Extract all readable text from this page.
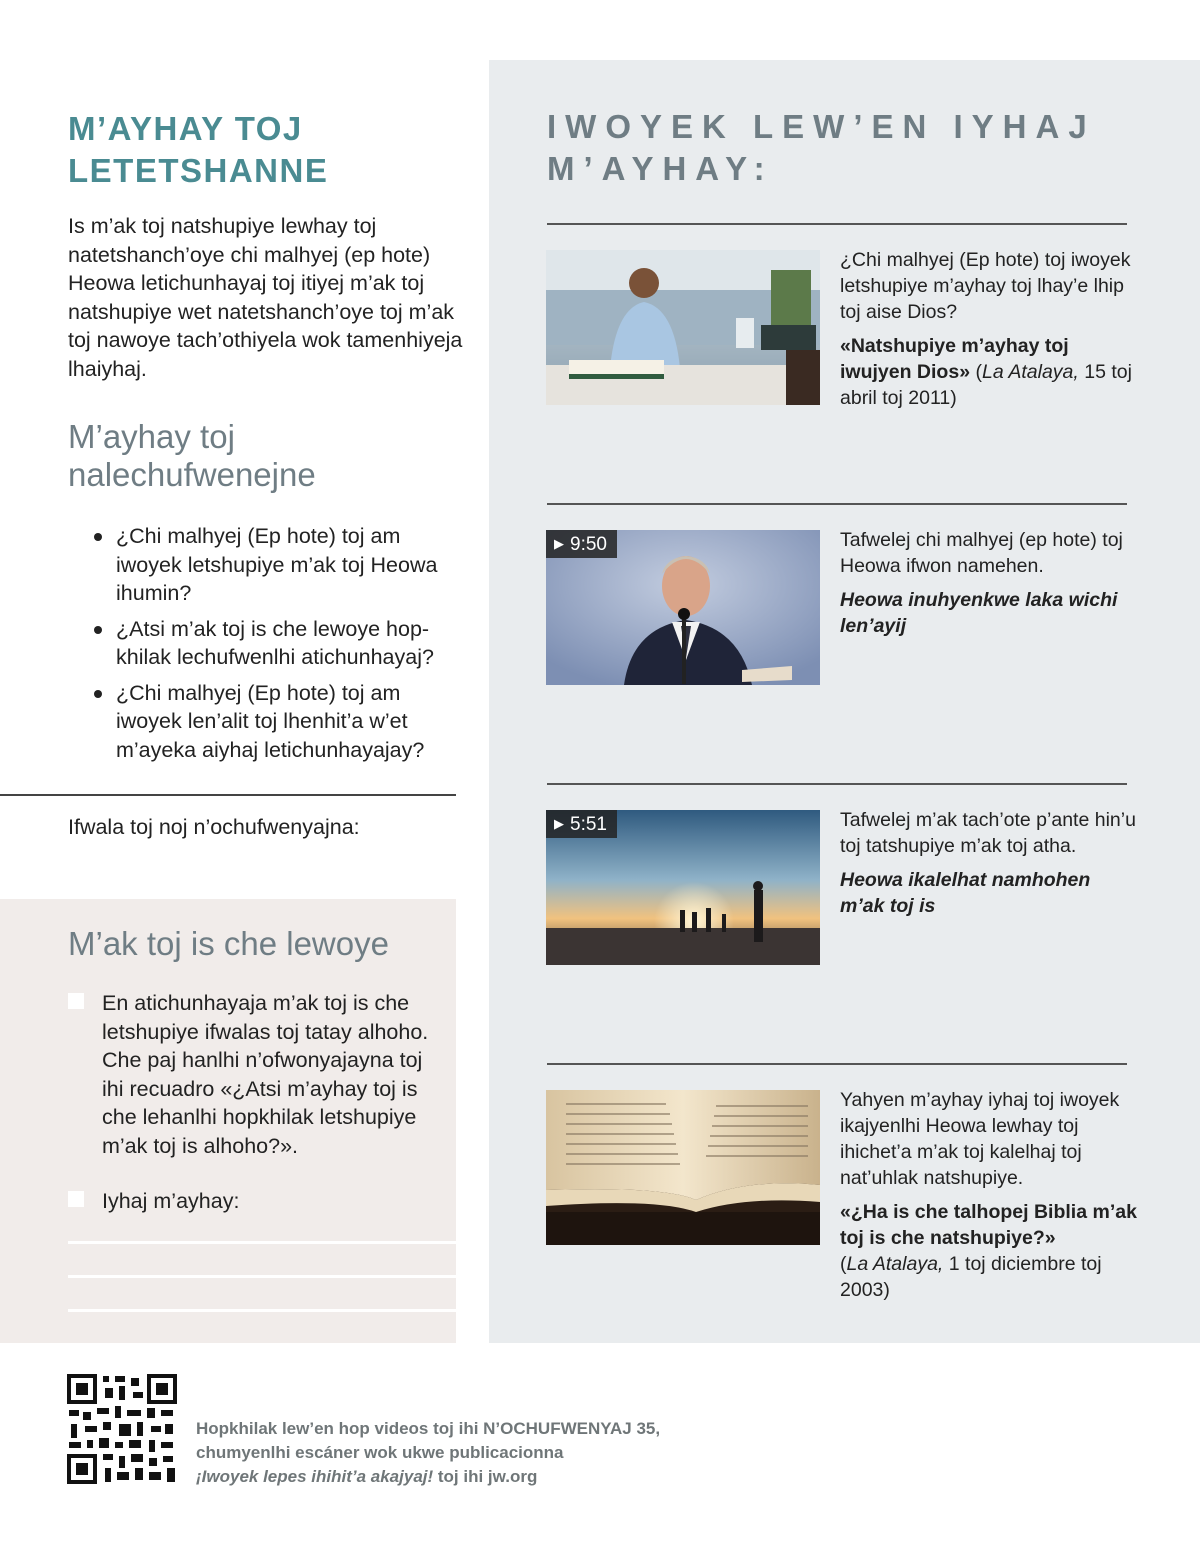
M’AYHAY TOJ LETETSHANNE

Is m’ak toj natshupiye lewhay toj natetshanch’oye chi malhyej (ep hote) Heowa letichunhayaj toj itiyej m’ak toj natshupiye wet natetshanch’oye toj m’ak toj nawoye tach’othiyela wok tamenhiyeja lhaiyhaj.

M’ayhay toj nalechufwenejne
¿Chi malhyej (Ep hote) toj am iwoyek letshupiye m’ak toj Heowa ihumin?
¿Atsi m’ak toj is che lewoye hop-khilak lechufwenlhi atichunhayaj?
¿Chi malhyej (Ep hote) toj am iwoyek len’alit toj lhenhit’a w’et m’ayeka aiyhaj letichunhayajay?

Ifwala toj noj n’ochufwenyajna:

M’ak toj is che lewoye
En atichunhayaja m’ak toj is che letshupiye ifwalas toj tatay alhoho. Che paj hanlhi n’ofwonyajayna toj ihi recuadro «¿Atsi m’ayhay toj is che lehanlhi hopkhilak letshupiye m’ak toj is alhoho?».
Iyhaj m’ayhay:
IWOYEK LEW’EN IYHAJ M’AYHAY:

¿Chi malhyej (Ep hote) toj iwoyek letshupiye m’ayhay toj lhay’e lhip toj aise Dios?

«Natshupiye m’ayhay toj iwujyen Dios» (La Atalaya, 15 toj abril toj 2011)

▶ 9:50	Tafwelej chi malhyej (ep hote) toj Heowa ifwon namehen.

Heowa inuhyenkwe laka wichi len’ayij

▶ 5:51	Tafwelej m’ak tach’ote p’ante hin’u toj tatshupiye m’ak toj atha.

Heowa ikalelhat namhohen m’ak toj is

Yahyen m’ayhay iyhaj toj iwoyek ikajyenlhi Heowa lewhay toj ihichet’a m’ak toj kalelhaj toj nat’uhlak natshupiye.

«¿Ha is che talhopej Biblia m’ak toj is che natshupiye?»

(La Atalaya, 1 toj diciembre toj 2003)

Hopkhilak lew’en hop videos toj ihi N’OCHUFWENYAJ 35,

chumyenlhi escáner wok ukwe publicacionna

¡Iwoyek lepes ihihit’a akajyaj! toj ihi jw.org
